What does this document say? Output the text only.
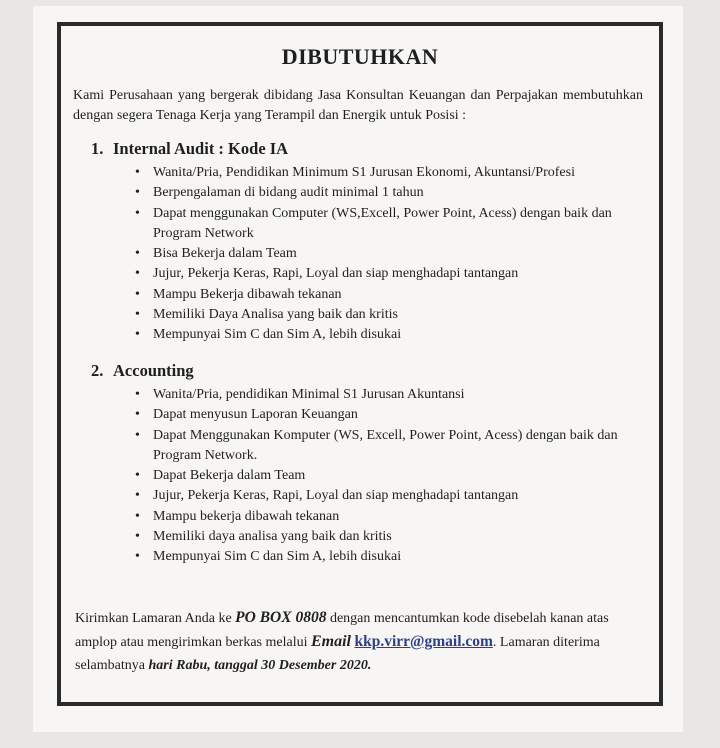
DIBUTUHKAN
Kami Perusahaan yang bergerak dibidang Jasa Konsultan Keuangan dan Perpajakan membutuhkan dengan segera Tenaga Kerja yang Terampil dan Energik untuk Posisi :
1. Internal Audit : Kode IA
• Wanita/Pria, Pendidikan Minimum S1 Jurusan Ekonomi, Akuntansi/Profesi
• Berpengalaman di bidang audit minimal 1 tahun
• Dapat menggunakan Computer (WS,Excell, Power Point, Acess) dengan baik dan Program Network
• Bisa Bekerja dalam Team
• Jujur, Pekerja Keras, Rapi, Loyal dan siap menghadapi tantangan
• Mampu Bekerja dibawah tekanan
• Memiliki Daya Analisa yang baik dan kritis
• Mempunyai Sim C dan Sim A, lebih disukai
2. Accounting
• Wanita/Pria, pendidikan Minimal S1 Jurusan Akuntansi
• Dapat menyusun Laporan Keuangan
• Dapat Menggunakan Komputer (WS, Excell, Power Point, Acess) dengan baik dan Program Network.
• Dapat Bekerja dalam Team
• Jujur, Pekerja Keras, Rapi, Loyal dan siap menghadapi tantangan
• Mampu bekerja dibawah tekanan
• Memiliki daya analisa yang baik dan kritis
• Mempunyai Sim C dan Sim A, lebih disukai
Kirimkan Lamaran Anda ke PO BOX 0808 dengan mencantumkan kode disebelah kanan atas amplop atau mengirimkan berkas melalui Email kkp.virr@gmail.com. Lamaran diterima selambatnya hari Rabu, tanggal 30 Desember 2020.
